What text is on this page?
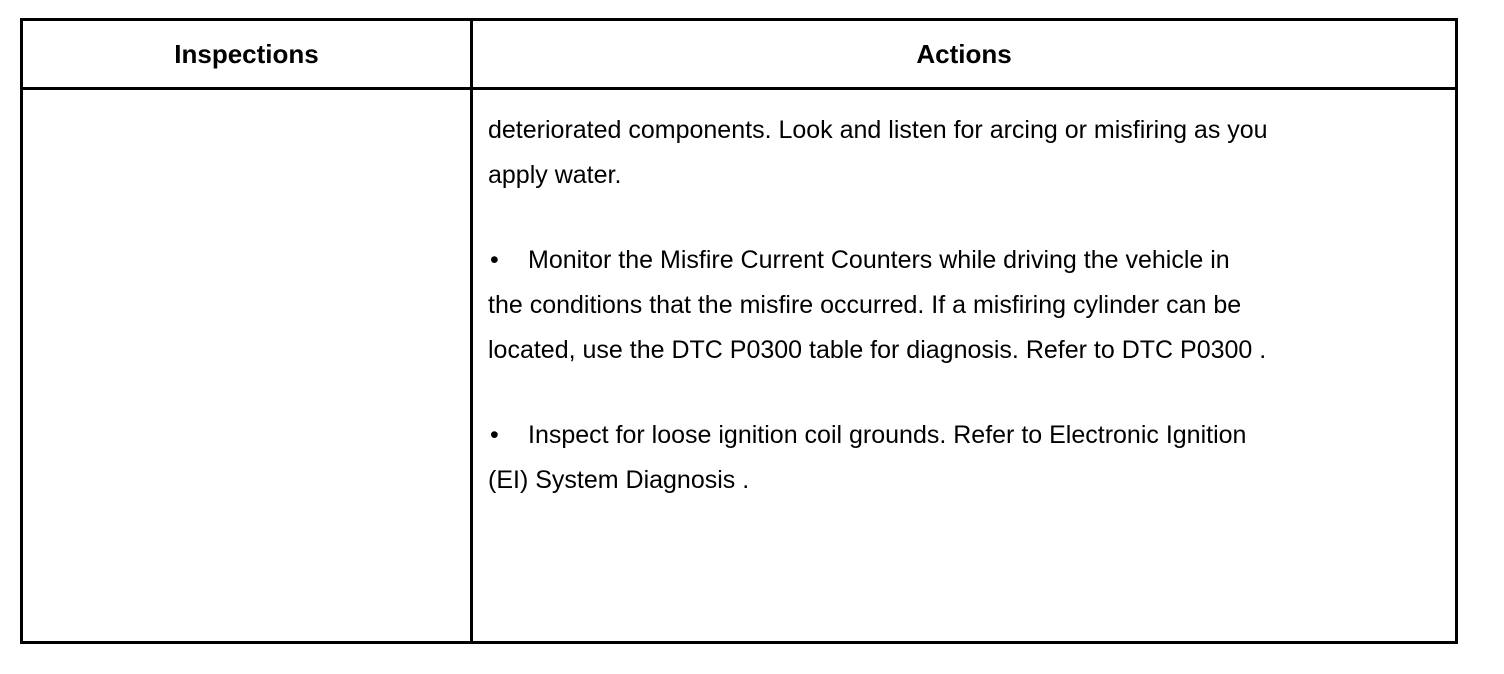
Inspections	Actions
deteriorated components. Look and listen for arcing or misfiring as you
apply water.
• Monitor the Misfire Current Counters while driving the vehicle in
the conditions that the misfire occurred. If a misfiring cylinder can be
located, use the DTC P0300 table for diagnosis. Refer to DTC P0300 .
• Inspect for loose ignition coil grounds. Refer to Electronic Ignition
(EI) System Diagnosis .
